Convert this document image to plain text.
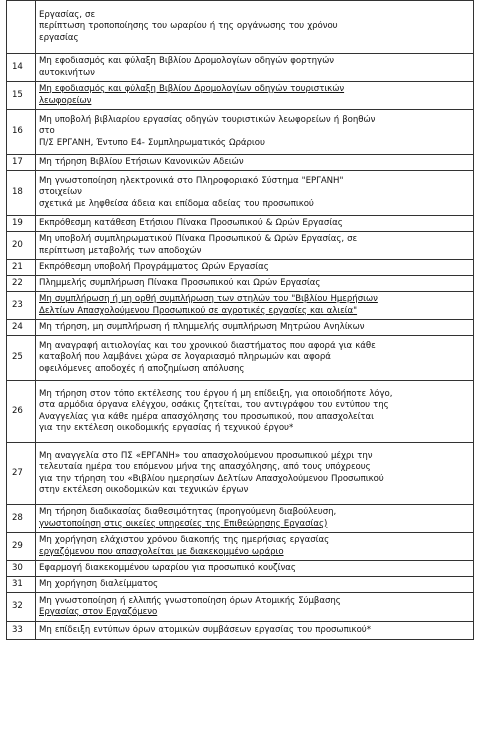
	Εργασίας, σε
περίπτωση τροποποίησης του ωραρίου ή της οργάνωσης του χρόνου
εργασίας

14	Μη εφοδιασμός και φύλαξη Βιβλίου Δρομολογίων οδηγών φορτηγών
αυτοκινήτων

15	Μη εφοδιασμός και φύλαξη Βιβλίου Δρομολογίων οδηγών τουριστικών
λεωφορείων

16	Μη υποβολή βιβλιαρίου εργασίας οδηγών τουριστικών λεωφορείων ή βοηθών
στο
Π/Σ ΕΡΓΑΝΗ, Έντυπο Ε4- Συμπληρωματικός Ωράριου

17	Μη τήρηση Βιβλίου Ετήσιων Κανονικών Αδειών

18	Μη γνωστοποίηση ηλεκτρονικά στο Πληροφοριακό Σύστημα "ΕΡΓΑΝΗ"
στοιχείων
σχετικά με ληφθείσα άδεια και επίδομα αδείας του προσωπικού

19	Εκπρόθεσμη κατάθεση Ετήσιου Πίνακα Προσωπικού & Ωρών Εργασίας

20	Μη υποβολή συμπληρωματικού Πίνακα Προσωπικού & Ωρών Εργασίας, σε
περίπτωση μεταβολής των αποδοχών

21	Εκπρόθεσμη υποβολή Προγράμματος Ωρών Εργασίας

22	Πλημμελής συμπλήρωση Πίνακα Προσωπικού και Ωρών Εργασίας

23	Μη συμπλήρωση ή μη ορθή συμπλήρωση των στηλών του "Βιβλίου Ημερήσιων
Δελτίων Απασχολούμενου Προσωπικού σε αγροτικές εργασίες και αλιεία"

24	Μη τήρηση, μη συμπλήρωση ή πλημμελής συμπλήρωση Μητρώου Ανηλίκων

25	Μη αναγραφή αιτιολογίας και του χρονικού διαστήματος που αφορά για κάθε
καταβολή που λαμβάνει χώρα σε λογαριασμό πληρωμών και αφορά
οφειλόμενες αποδοχές ή αποζημίωση απόλυσης

26	Μη τήρηση στον τόπο εκτέλεσης του έργου ή μη επίδειξη, για οποιοδήποτε λόγο,
στα αρμόδια όργανα ελέγχου, οσάκις ζητείται, του αντιγράφου του εντύπου της
Αναγγελίας για κάθε ημέρα απασχόλησης του προσωπικού, που απασχολείται
για την εκτέλεση οικοδομικής εργασίας ή τεχνικού έργου*

27	Μη αναγγελία στο ΠΣ «ΕΡΓΑΝΗ» του απασχολούμενου προσωπικού μέχρι την
τελευταία ημέρα του επόμενου μήνα της απασχόλησης, από τους υπόχρεους
για την τήρηση του «Βιβλίου ημερησίων Δελτίων Απασχολούμενου Προσωπικού
στην εκτέλεση οικοδομικών και τεχνικών έργων

28	Μη τήρηση διαδικασίας διαθεσιμότητας (προηγούμενη διαβούλευση,
γνωστοποίηση στις οικείες υπηρεσίες της Επιθεώρησης Εργασίας)

29	Μη χορήγηση ελάχιστου χρόνου διακοπής της ημερήσιας εργασίας
εργαζόμενου που απασχολείται με διακεκομμένο ωράριο

30	Εφαρμογή διακεκομμένου ωραρίου για προσωπικό κουζίνας

31	Μη χορήγηση διαλείμματος

32	Μη γνωστοποίηση ή ελλιπής γνωστοποίηση όρων Ατομικής Σύμβασης
Εργασίας στον Εργαζόμενο

33	Μη επίδειξη εντύπων όρων ατομικών συμβάσεων εργασίας του προσωπικού*
